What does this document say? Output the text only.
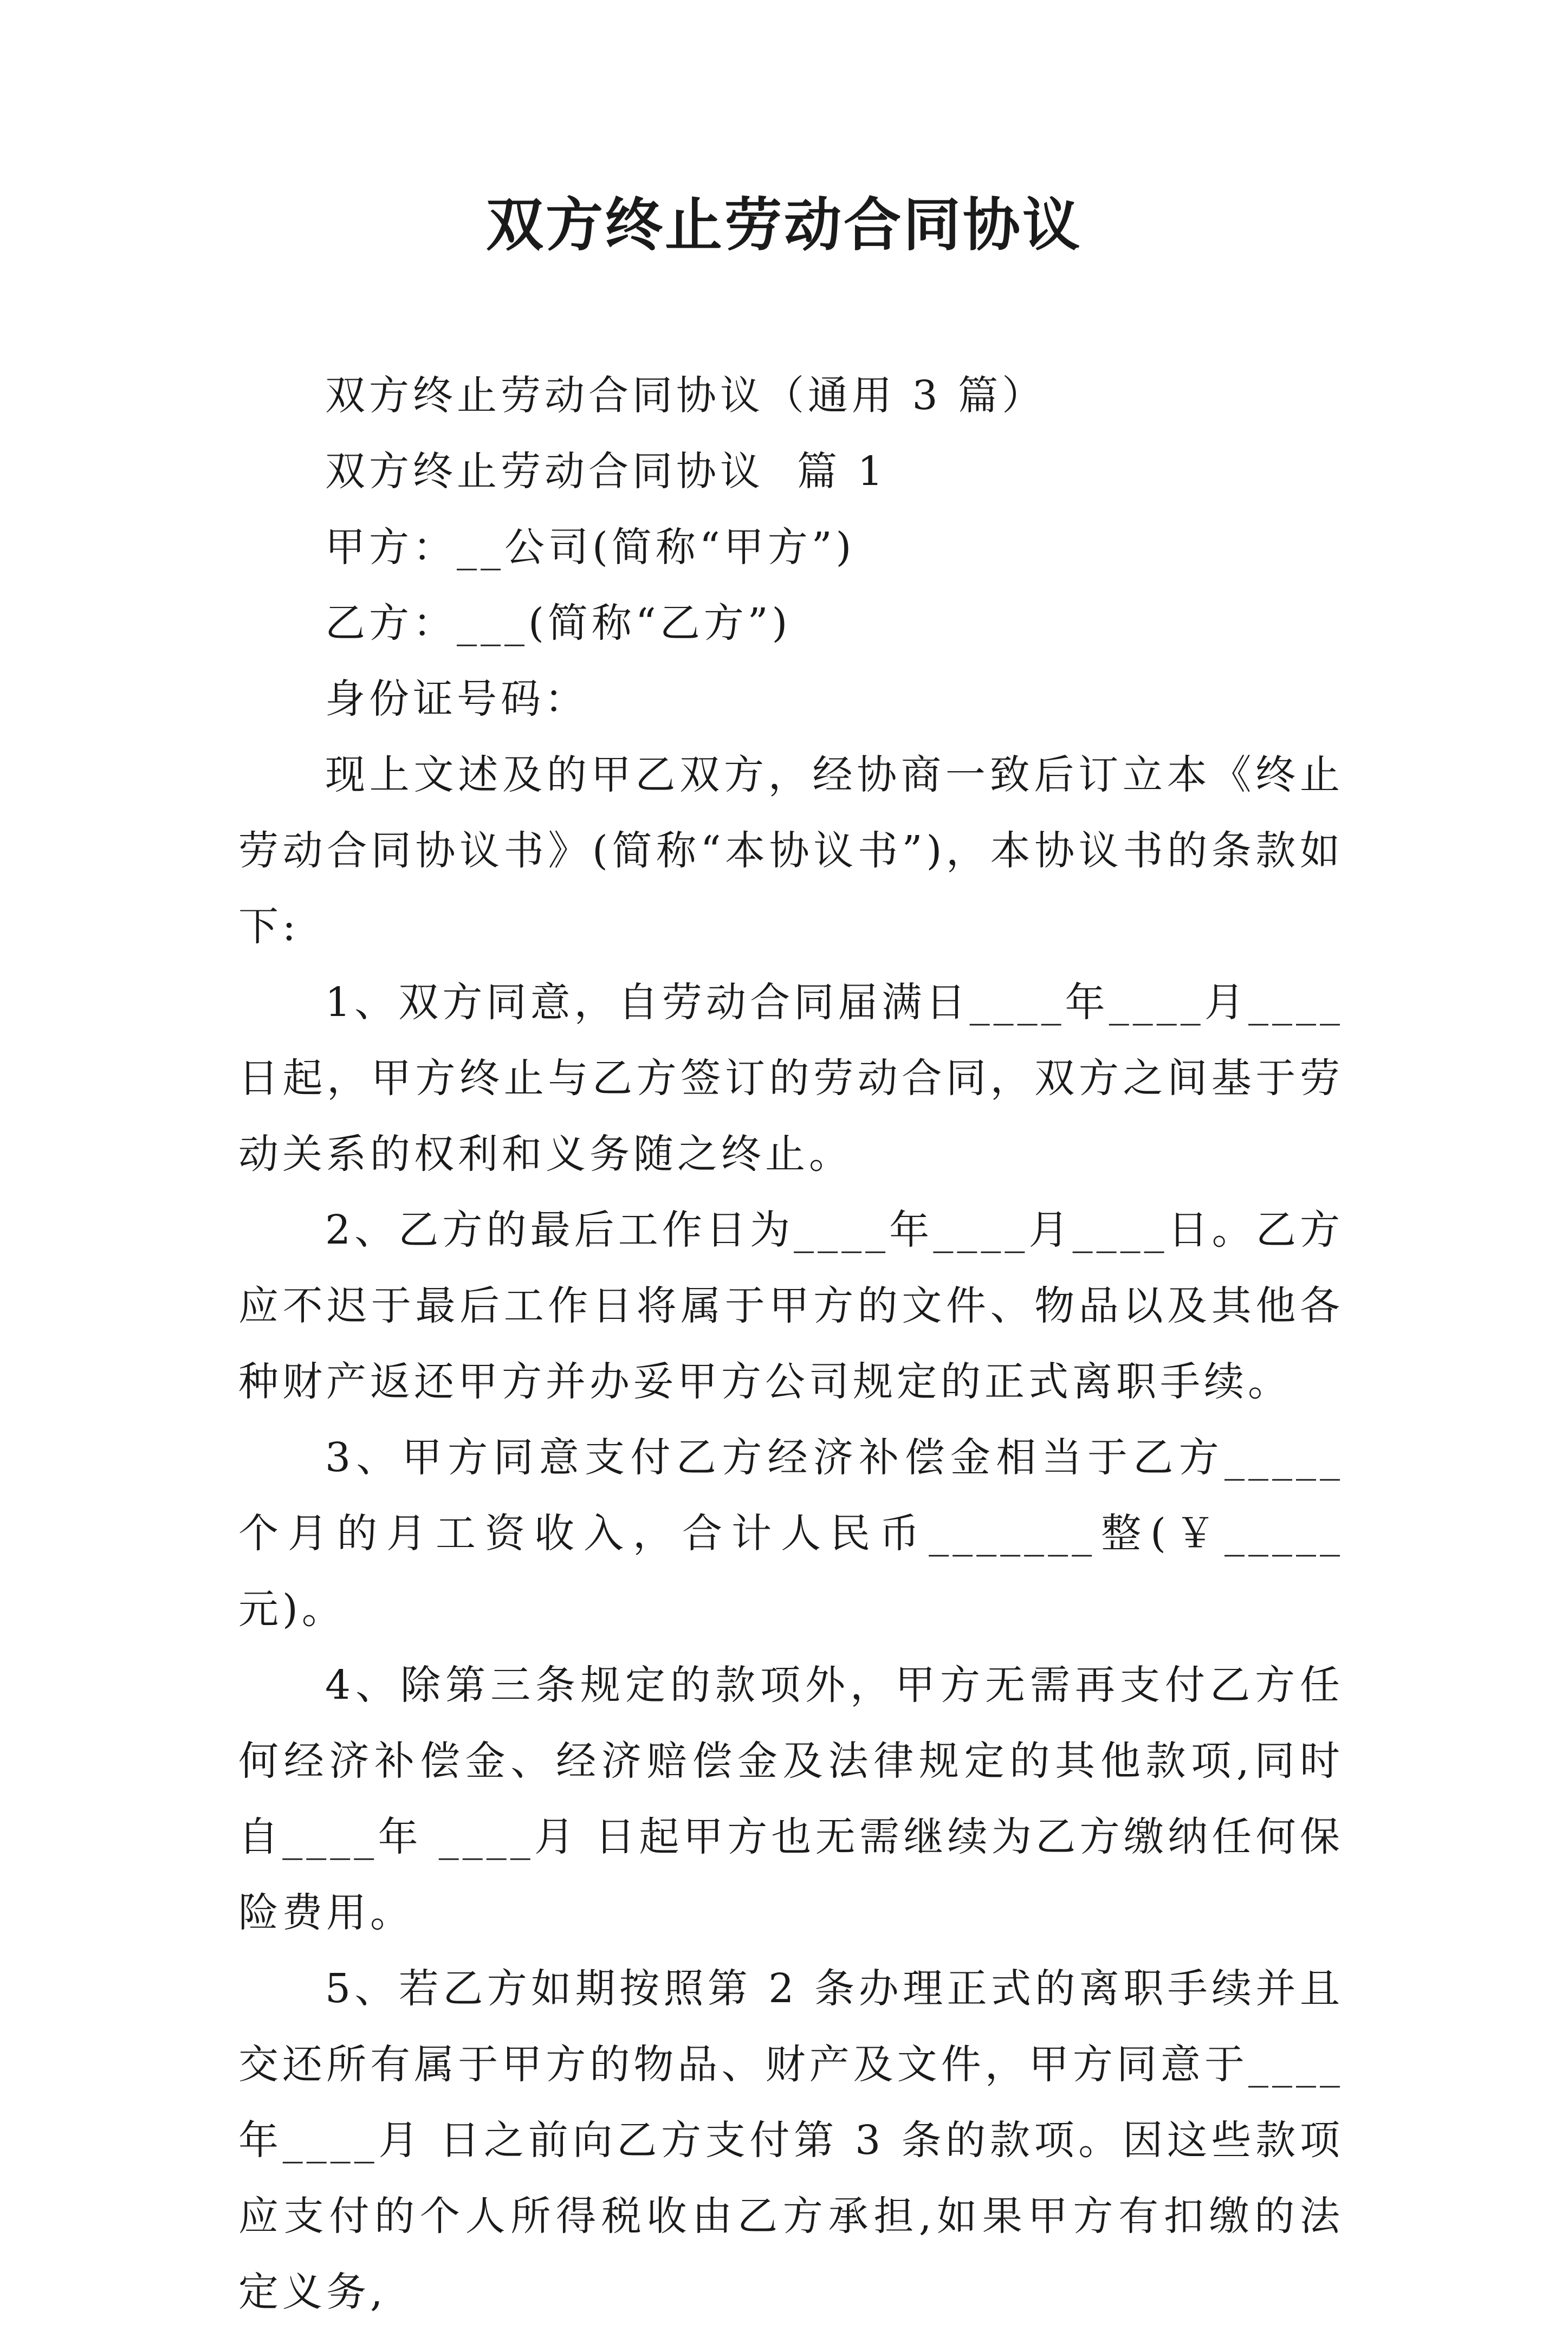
双方终止劳动合同协议

双方终止劳动合同协议（通用 3 篇）

双方终止劳动合同协议  篇 1

甲方：__公司(简称“甲方”)

乙方：___(简称“乙方”)

身份证号码：

现上文述及的甲乙双方，经协商一致后订立本《终止劳动合同协议书》(简称“本协议书”)，本协议书的条款如下:

1、双方同意，自劳动合同届满日____年____月____日起，甲方终止与乙方签订的劳动合同，双方之间基于劳动关系的权利和义务随之终止。

2、乙方的最后工作日为____年____月____日。乙方应不迟于最后工作日将属于甲方的文件、物品以及其他各种财产返还甲方并办妥甲方公司规定的正式离职手续。

3、甲方同意支付乙方经济补偿金相当于乙方_____个月的月工资收入，合计人民币_______整(￥_____元)。

4、除第三条规定的款项外，甲方无需再支付乙方任何经济补偿金、经济赔偿金及法律规定的其他款项,同时自____年 ____月 日起甲方也无需继续为乙方缴纳任何保险费用。

5、若乙方如期按照第 2 条办理正式的离职手续并且交还所有属于甲方的物品、财产及文件，甲方同意于____年____月 日之前向乙方支付第 3 条的款项。因这些款项应支付的个人所得税收由乙方承担,如果甲方有扣缴的法定义务,
